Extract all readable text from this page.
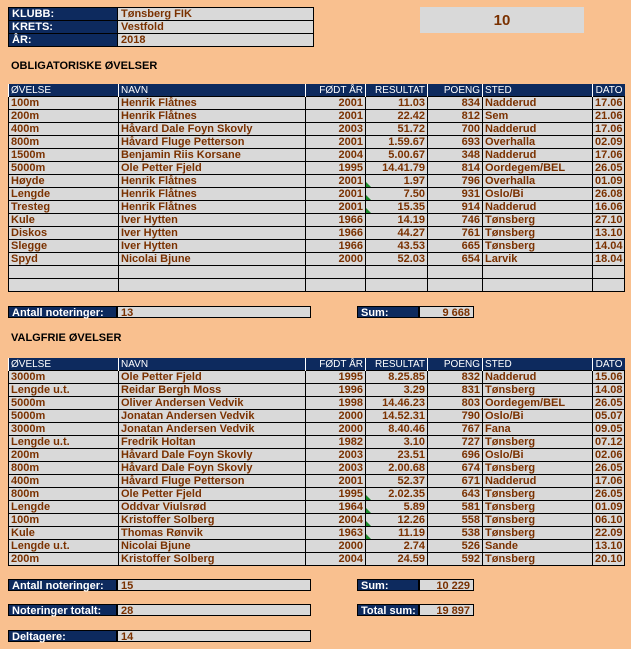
KLUBB:	Tønsberg FIK
KRETS:	Vestfold
ÅR:	2018
10
OBLIGATORISKE ØVELSER
ØVELSE	NAVN	FØDT ÅR	RESULTAT	POENG	STED	DATO
100m	Henrik Flåtnes	2001	11.03	834	Nadderud	17.06
200m	Henrik Flåtnes	2001	22.42	812	Sem	21.06
400m	Håvard Dale Foyn Skovly	2003	51.72	700	Nadderud	17.06
800m	Håvard Fluge Petterson	2001	1.59.67	693	Overhalla	02.09
1500m	Benjamin Riis Korsane	2004	5.00.67	348	Nadderud	17.06
5000m	Ole Petter Fjeld	1995	14.41.79	814	Oordegem/BEL	26.05
Høyde	Henrik Flåtnes	2001	1.97	796	Overhalla	01.09
Lengde	Henrik Flåtnes	2001	7.50	931	Oslo/Bi	26.08
Tresteg	Henrik Flåtnes	2001	15.35	914	Nadderud	16.06
Kule	Iver Hytten	1966	14.19	746	Tønsberg	27.10
Diskos	Iver Hytten	1966	44.27	761	Tønsberg	13.10
Slegge	Iver Hytten	1966	43.53	665	Tønsberg	14.04
Spyd	Nicolai Bjune	2000	52.03	654	Larvik	18.04

Antall noteringer:	13	Sum:	9 668
VALGFRIE ØVELSER
ØVELSE	NAVN	FØDT ÅR	RESULTAT	POENG	STED	DATO
3000m	Ole Petter Fjeld	1995	8.25.85	832	Nadderud	15.06
Lengde u.t.	Reidar Bergh Moss	1996	3.29	831	Tønsberg	14.08
5000m	Oliver Andersen Vedvik	1998	14.46.23	803	Oordegem/BEL	26.05
5000m	Jonatan Andersen Vedvik	2000	14.52.31	790	Oslo/Bi	05.07
3000m	Jonatan Andersen Vedvik	2000	8.40.46	767	Fana	09.05
Lengde u.t.	Fredrik Holtan	1982	3.10	727	Tønsberg	07.12
200m	Håvard Dale Foyn Skovly	2003	23.51	696	Oslo/Bi	02.06
800m	Håvard Dale Foyn Skovly	2003	2.00.68	674	Tønsberg	26.05
400m	Håvard Fluge Petterson	2001	52.37	671	Nadderud	17.06
800m	Ole Petter Fjeld	1995	2.02.35	643	Tønsberg	26.05
Lengde	Oddvar Viulsrød	1964	5.89	581	Tønsberg	01.09
100m	Kristoffer Solberg	2004	12.26	558	Tønsberg	06.10
Kule	Thomas Rønvik	1963	11.19	538	Tønsberg	22.09
Lengde u.t.	Nicolai Bjune	2000	2.74	526	Sande	13.10
200m	Kristoffer Solberg	2004	24.59	592	Tønsberg	20.10
Antall noteringer:	15	Sum:	10 229
Noteringer totalt:	28	Total sum:	19 897
Deltagere:	14
